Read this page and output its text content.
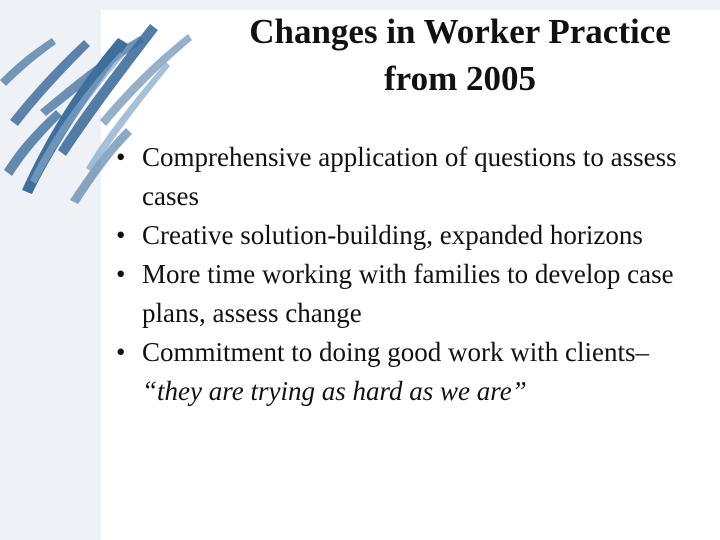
Changes in Worker Practice
from 2005
• Comprehensive application of questions to assess cases
• Creative solution-building, expanded horizons
• More time working with families to develop case plans, assess change
• Commitment to doing good work with clients– “they are trying as hard as we are”
